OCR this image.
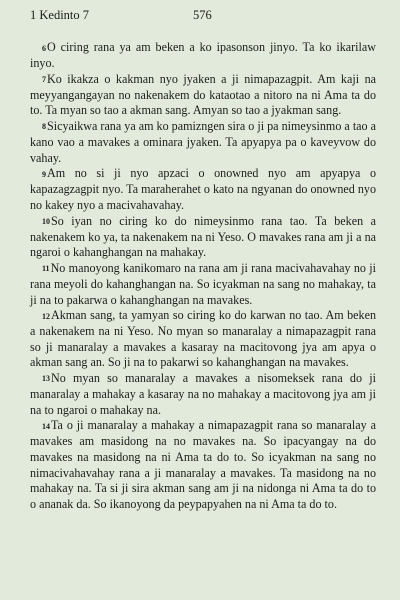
1 Kedinto 7	576

6O ciring rana ya am beken a ko ipasonson jinyo. Ta ko ikarilaw inyo.

7Ko ikakza o kakman nyo jyaken a ji nimapazagpit. Am kaji na meyyangangayan no nakenakem do kataotao a nitoro na ni Ama ta do to. Ta myan so tao a akman sang. Amyan so tao a jyakman sang.

8Sicyaikwa rana ya am ko pamizngen sira o ji pa nimeysinmo a tao a kano vao a mavakes a ominara jyaken. Ta apyapya pa o kaveyvow do vahay.

9Am no si ji nyo apzaci o onowned nyo am apyapya o kapazagzagpit nyo. Ta maraherahet o kato na ngyanan do onowned nyo no kakey nyo a macivahavahay.

10So iyan no ciring ko do nimeysinmo rana tao. Ta beken a nakenakem ko ya, ta nakenakem na ni Yeso. O mavakes rana am ji a na ngaroi o kahanghangan na mahakay.

11No manoyong kanikomaro na rana am ji rana macivahavahay no ji rana meyoli do kahanghangan na. So icyakman na sang no mahakay, ta ji na to pakarwa o kahanghangan na mavakes.

12Akman sang, ta yamyan so ciring ko do karwan no tao. Am beken a nakenakem na ni Yeso. No myan so manaralay a nimapazagpit rana so ji manaralay a mavakes a kasaray na macitovong jya am apya o akman sang an. So ji na to pakarwi so kahanghangan na mavakes.

13No myan so manaralay a mavakes a nisomeksek rana do ji manaralay a mahakay a kasaray na no mahakay a macitovong jya am ji na to ngaroi o mahakay na.

14Ta o ji manaralay a mahakay a nimapazagpit rana so manaralay a mavakes am masidong na no mavakes na. So ipacyangay na do mavakes na masidong na ni Ama ta do to. So icyakman na sang no nimacivahavahay rana a ji manaralay a mavakes. Ta masidong na no mahakay na. Ta si ji sira akman sang am ji na nidonga ni Ama ta do to o ananak da. So ikanoyong da peypapyahen na ni Ama ta do to.
